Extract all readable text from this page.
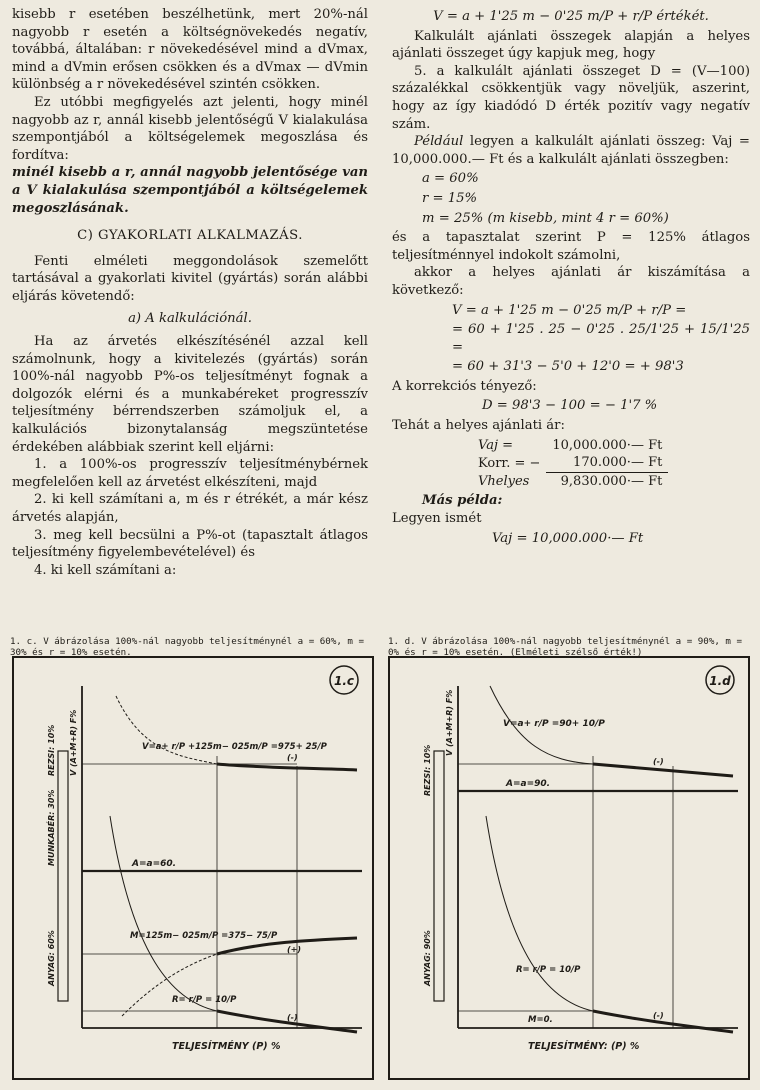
kisebb r esetében beszélhetünk, mert 20%-nál nagyobb r esetén a költségnövekedés negatív, továbbá, általában: r növekedésével mind a dVmax, mind a dVmin erősen csökken és a dVmax — dVmin különbség a r növekedésével szintén csökken.

Ez utóbbi megfigyelés azt jelenti, hogy minél nagyobb az r, annál kisebb jelentőségű V kialakulása szempontjából a költségelemek megoszlása és fordítva:

minél kisebb a r, annál nagyobb jelentősége van a V kialakulása szempontjából a költségelemek megoszlásának.

C) GYAKORLATI ALKALMAZÁS.

Fenti elméleti meggondolások szemelőtt tartásával a gyakorlati kivitel (gyártás) során alábbi eljárás követendő:

a) A kalkulációnál.

Ha az árvetés elkészítésénél azzal kell számolnunk, hogy a kivitelezés (gyártás) során 100%-nál nagyobb P%-os teljesítményt fognak a dolgozók elérni és a munkabéreket progresszív teljesítmény bérrendszerben számoljuk el, a kalkulációs bizonytalanság megszüntetése érdekében alábbiak szerint kell eljárni:

1. a 100%-os progresszív teljesítménybérnek megfelelően kell az árvetést elkészíteni, majd

2. ki kell számítani a, m és r étrékét, a már kész árvetés alapján,

3. meg kell becsülni a P%-ot (tapasztalt átlagos teljesítmény figyelembevételével) és

4. ki kell számítani a:

V = a + 1'25 m − 0'25 m/P + r/P értékét.

Kalkulált ajánlati összegek alapján a helyes ajánlati összeget úgy kapjuk meg, hogy

5. a kalkulált ajánlati összeget D = (V—100) százalékkal csökkentjük vagy növeljük, aszerint, hogy az így kiadódó D érték pozitív vagy negatív szám.

Például legyen a kalkulált ajánlati összeg: Vaj = 10,000.000.— Ft és a kalkulált ajánlati összegben:

a = 60%

r = 15%

m = 25% (m kisebb, mint 4 r = 60%)

és a tapasztalat szerint P = 125% átlagos teljesítménnyel indokolt számolni,

akkor a helyes ajánlati ár kiszámítása a következő:

V = a + 1'25 m − 0'25 m/P + r/P =

= 60 + 1'25 . 25 − 0'25 . 25/1'25 + 15/1'25 =

= 60 + 31'3 − 5'0 + 12'0 = + 98'3

A korrekciós tényező:

D = 98'3 − 100 = − 1'7 %

Tehát a helyes ajánlati ár:

Vaj =	10,000.000·— Ft
Korr. = −	170.000·— Ft
Vhelyes	9,830.000·— Ft

Más példa:

Legyen ismét

Vaj = 10,000.000·— Ft

1. c. V ábrázolása 100%-nál nagyobb teljesítménynél a = 60%, m = 30% és r = 10% esetén.
1. d. V ábrázolása 100%-nál nagyobb teljesítménynél a = 90%, m = 0% és r = 10% esetén. (Elméleti szélső érték!)
1.c
V=a+ r/P +125m− 025m/P =975+ 25/P
A=a=60.
M=125m− 025m/P =375− 75/P
R= r/P = 10/P
(-)
(+)
(-)
TELJESÍTMÉNY (P) %
ANYAG: 60%
MUNKABÉR: 30%
REZSI: 10% V (A+M+R) F%
1.d
V=a+ r/P =90+ 10/P
A=a=90.
R= r/P = 10/P
M=0.
(-)
(-)
TELJESÍTMÉNY: (P) %
ANYAG: 90%
REZSI: 10%
V (A+M+R) F%
